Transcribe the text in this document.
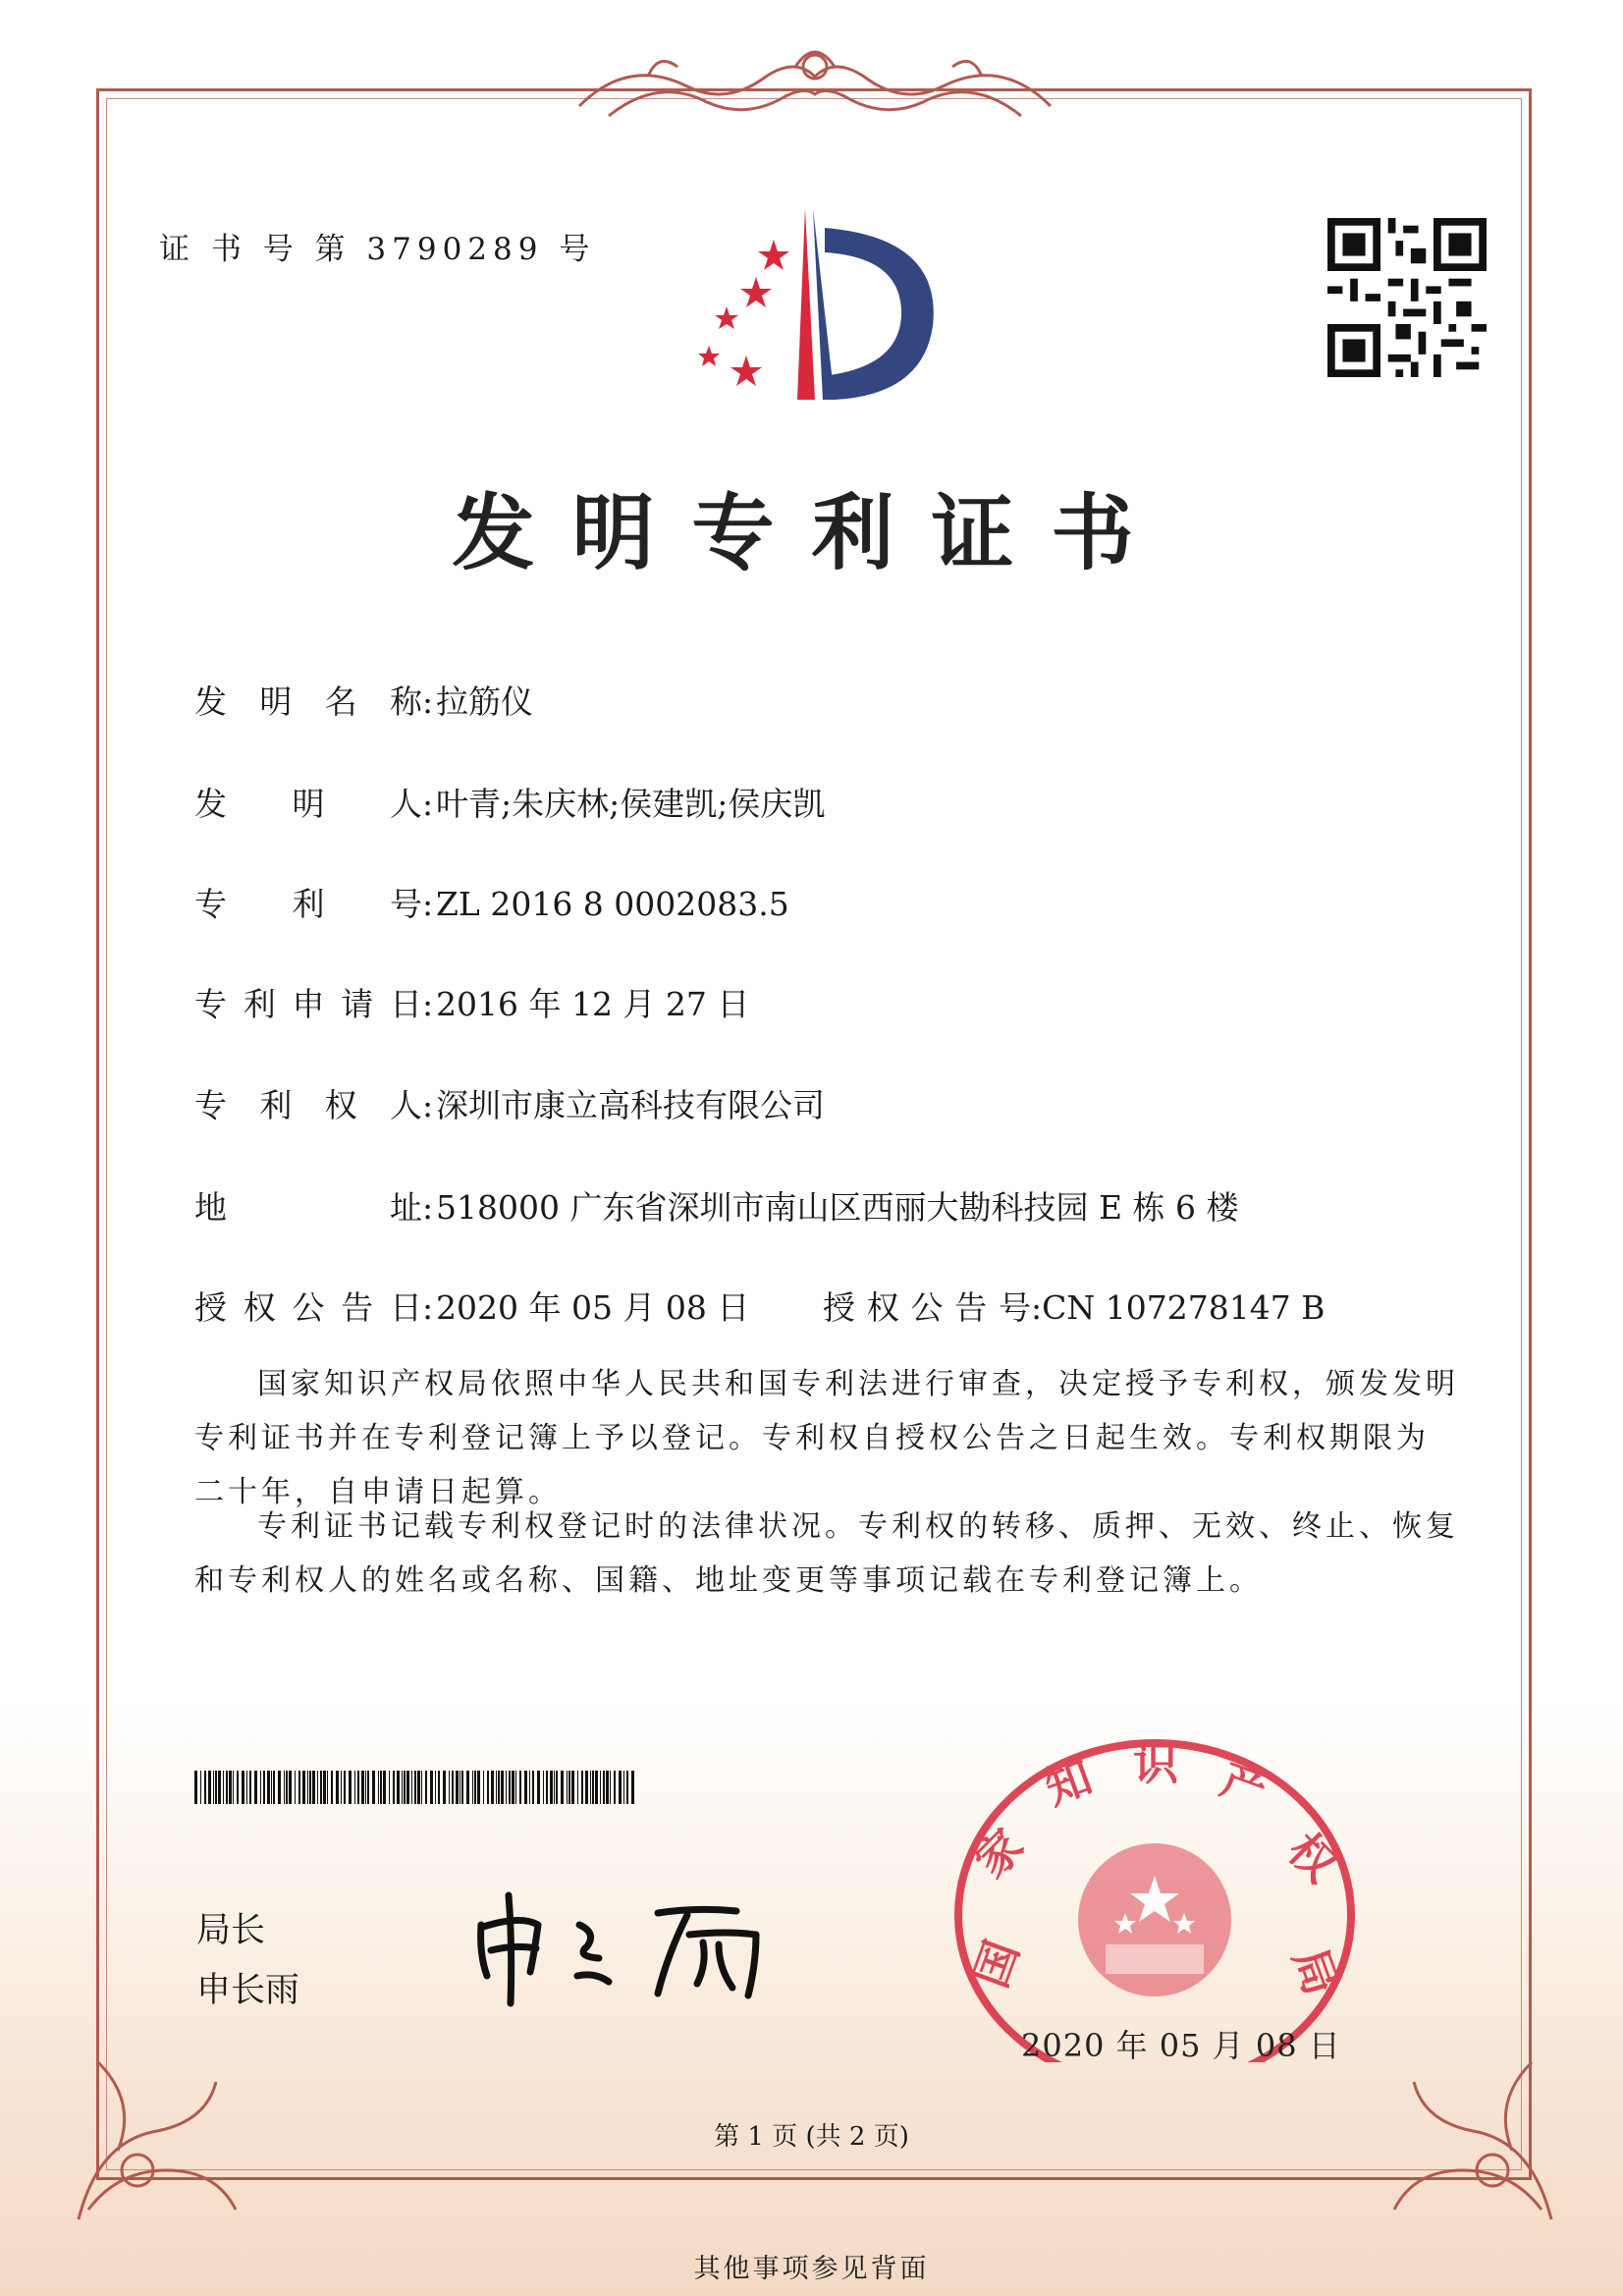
证 书 号 第 3790289 号
发明专利证书
发明名称:拉筋仪
发明人:叶青;朱庆林;侯建凯;侯庆凯
专利号:ZL 2016 8 0002083.5
专利申请日:2016 年 12 月 27 日
专利权人:深圳市康立高科技有限公司
地址:518000 广东省深圳市南山区西丽大勘科技园 E 栋 6 楼
授权公告日:2020 年 05 月 08 日 授权公告号:CN 107278147 B

国家知识产权局依照中华人民共和国专利法进行审查，决定授予专利权，颁发发明专利证书并在专利登记簿上予以登记。专利权自授权公告之日起生效。专利权期限为二十年，自申请日起算。

专利证书记载专利权登记时的法律状况。专利权的转移、质押、无效、终止、恢复和专利权人的姓名或名称、国籍、地址变更等事项记载在专利登记簿上。

局长
申长雨	国
家
知 识 产
权
局
2020 年 05 月 08 日
第 1 页 (共 2 页)
其他事项参见背面
